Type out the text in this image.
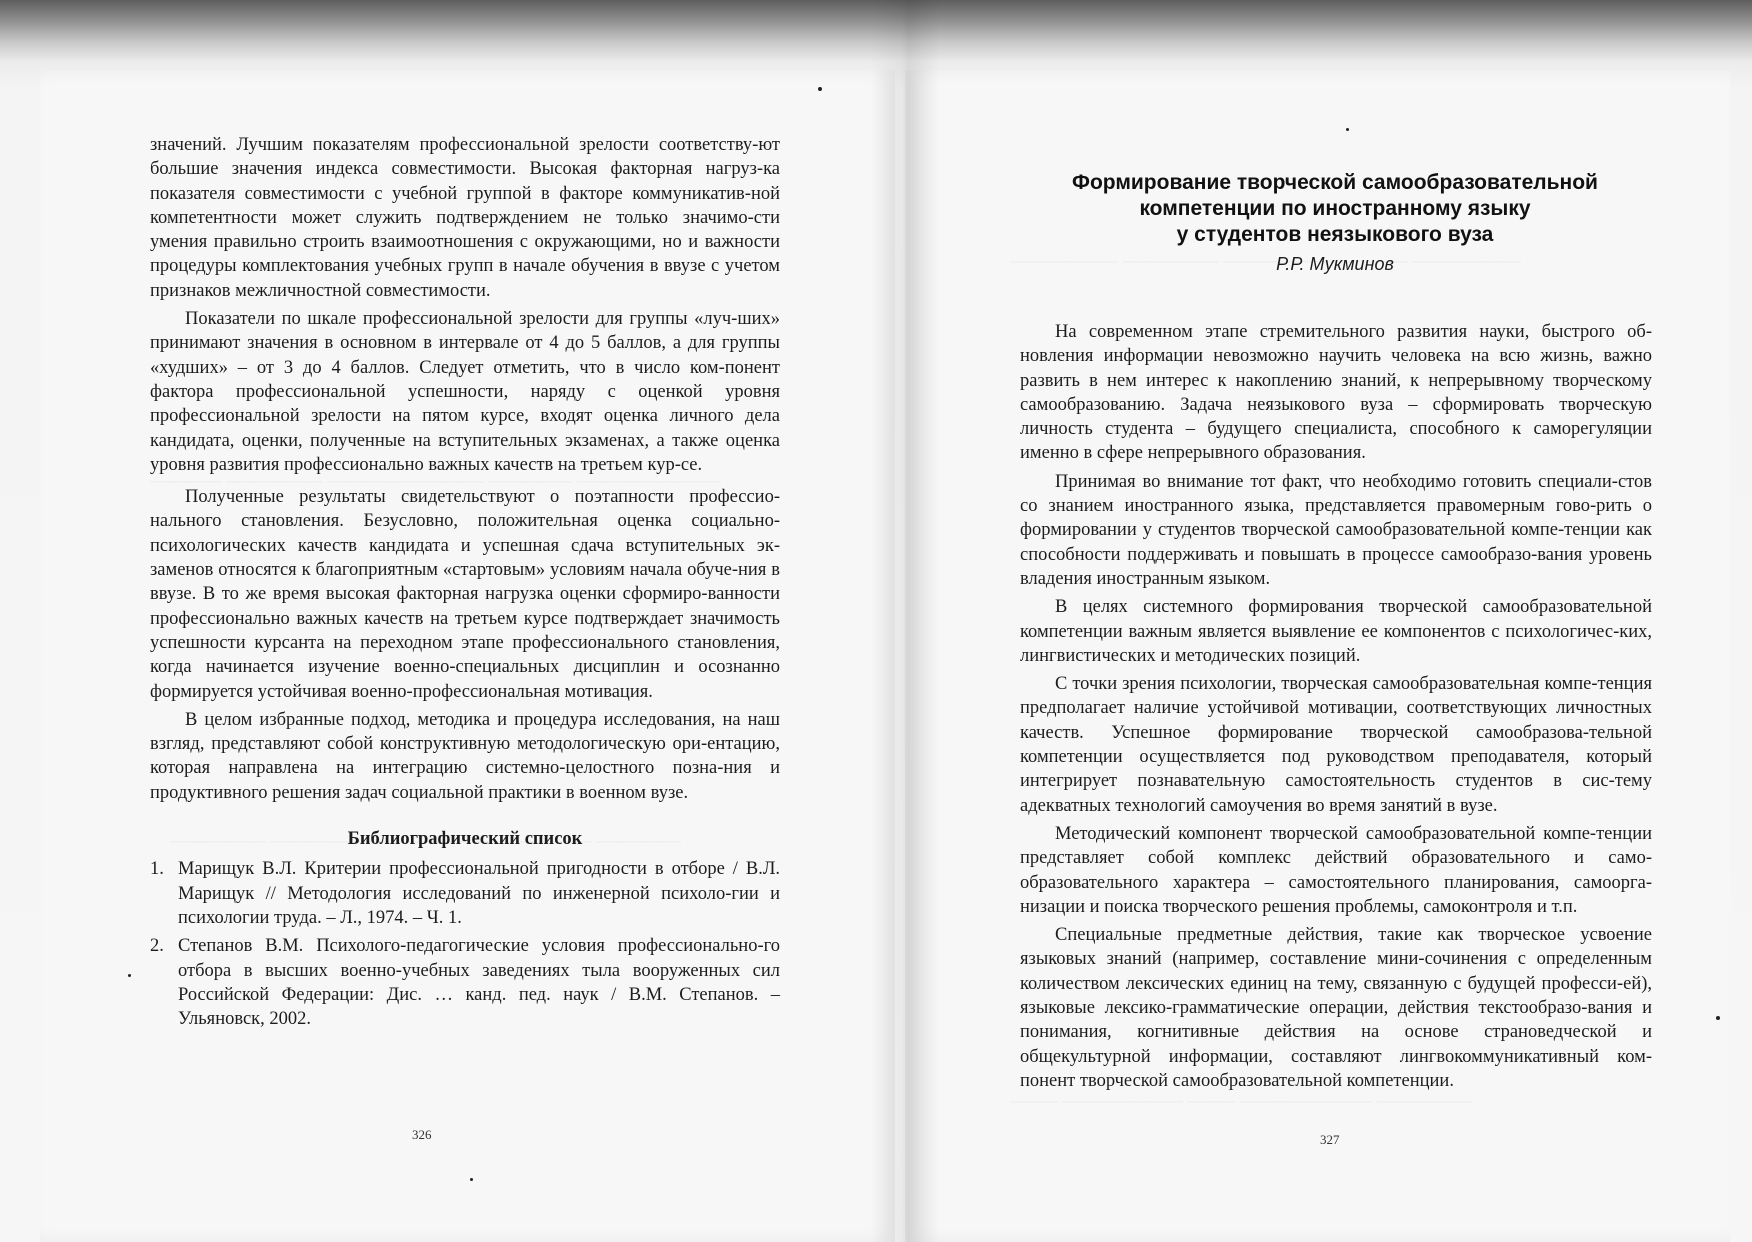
значений. Лучшим показателям профессиональной зрелости соответству-ют большие значения индекса совместимости. Высокая факторная нагруз-ка показателя совместимости с учебной группой в факторе коммуникатив-ной компетентности может служить подтверждением не только значимо-сти умения правильно строить взаимоотношения с окружающими, но и важности процедуры комплектования учебных групп в начале обучения в ввузе с учетом признаков межличностной совместимости.

Показатели по шкале профессиональной зрелости для группы «луч-ших» принимают значения в основном в интервале от 4 до 5 баллов, а для группы «худших» – от 3 до 4 баллов. Следует отметить, что в число ком-понент фактора профессиональной успешности, наряду с оценкой уровня профессиональной зрелости на пятом курсе, входят оценка личного дела кандидата, оценки, полученные на вступительных экзаменах, а также оценка уровня развития профессионально важных качеств на третьем кур-се.

Полученные результаты свидетельствуют о поэтапности профессио-нального становления. Безусловно, положительная оценка социально-психологических качеств кандидата и успешная сдача вступительных эк-заменов относятся к благоприятным «стартовым» условиям начала обуче-ния в ввузе. В то же время высокая факторная нагрузка оценки сформиро-ванности профессионально важных качеств на третьем курсе подтверждает значимость успешности курсанта на переходном этапе профессионального становления, когда начинается изучение военно-специальных дисциплин и осознанно формируется устойчивая военно-профессиональная мотивация.

В целом избранные подход, методика и процедура исследования, на наш взгляд, представляют собой конструктивную методологическую ори-ентацию, которая направлена на интеграцию системно-целостного позна-ния и продуктивного решения задач социальной практики в военном вузе.

Библиографический список
1. Марищук В.Л. Критерии профессиональной пригодности в отборе / В.Л. Марищук // Методология исследований по инженерной психоло-гии и психологии труда. – Л., 1974. – Ч. 1.
2. Степанов В.М. Психолого-педагогические условия профессионально-го отбора в высших военно-учебных заведениях тыла вооруженных сил Российской Федерации: Дис. … канд. пед. наук / В.М. Степанов. – Ульяновск, 2002.
326
Формирование творческой самообразовательной
компетенции по иностранному языку
у студентов неязыкового вуза
Р.Р. Мукминов

На современном этапе стремительного развития науки, быстрого об-новления информации невозможно научить человека на всю жизнь, важно развить в нем интерес к накоплению знаний, к непрерывному творческому самообразованию. Задача неязыкового вуза – сформировать творческую личность студента – будущего специалиста, способного к саморегуляции именно в сфере непрерывного образования.

Принимая во внимание тот факт, что необходимо готовить специали-стов со знанием иностранного языка, представляется правомерным гово-рить о формировании у студентов творческой самообразовательной компе-тенции как способности поддерживать и повышать в процессе самообразо-вания уровень владения иностранным языком.

В целях системного формирования творческой самообразовательной компетенции важным является выявление ее компонентов с психологичес-ких, лингвистических и методических позиций.

С точки зрения психологии, творческая самообразовательная компе-тенция предполагает наличие устойчивой мотивации, соответствующих личностных качеств. Успешное формирование творческой самообразова-тельной компетенции осуществляется под руководством преподавателя, который интегрирует познавательную самостоятельность студентов в сис-тему адекватных технологий самоучения во время занятий в вузе.

Методический компонент творческой самообразовательной компе-тенции представляет собой комплекс действий образовательного и само-образовательного характера – самостоятельного планирования, самоорга-низации и поиска творческого решения проблемы, самоконтроля и т.п.

Специальные предметные действия, такие как творческое усвоение языковых знаний (например, составление мини-сочинения с определенным количеством лексических единиц на тему, связанную с будущей професси-ей), языковые лексико-грамматические операции, действия текстообразо-вания и понимания, когнитивные действия на основе страноведческой и общекультурной информации, составляют лингвокоммуникативный ком-понент творческой самообразовательной компетенции.

327
